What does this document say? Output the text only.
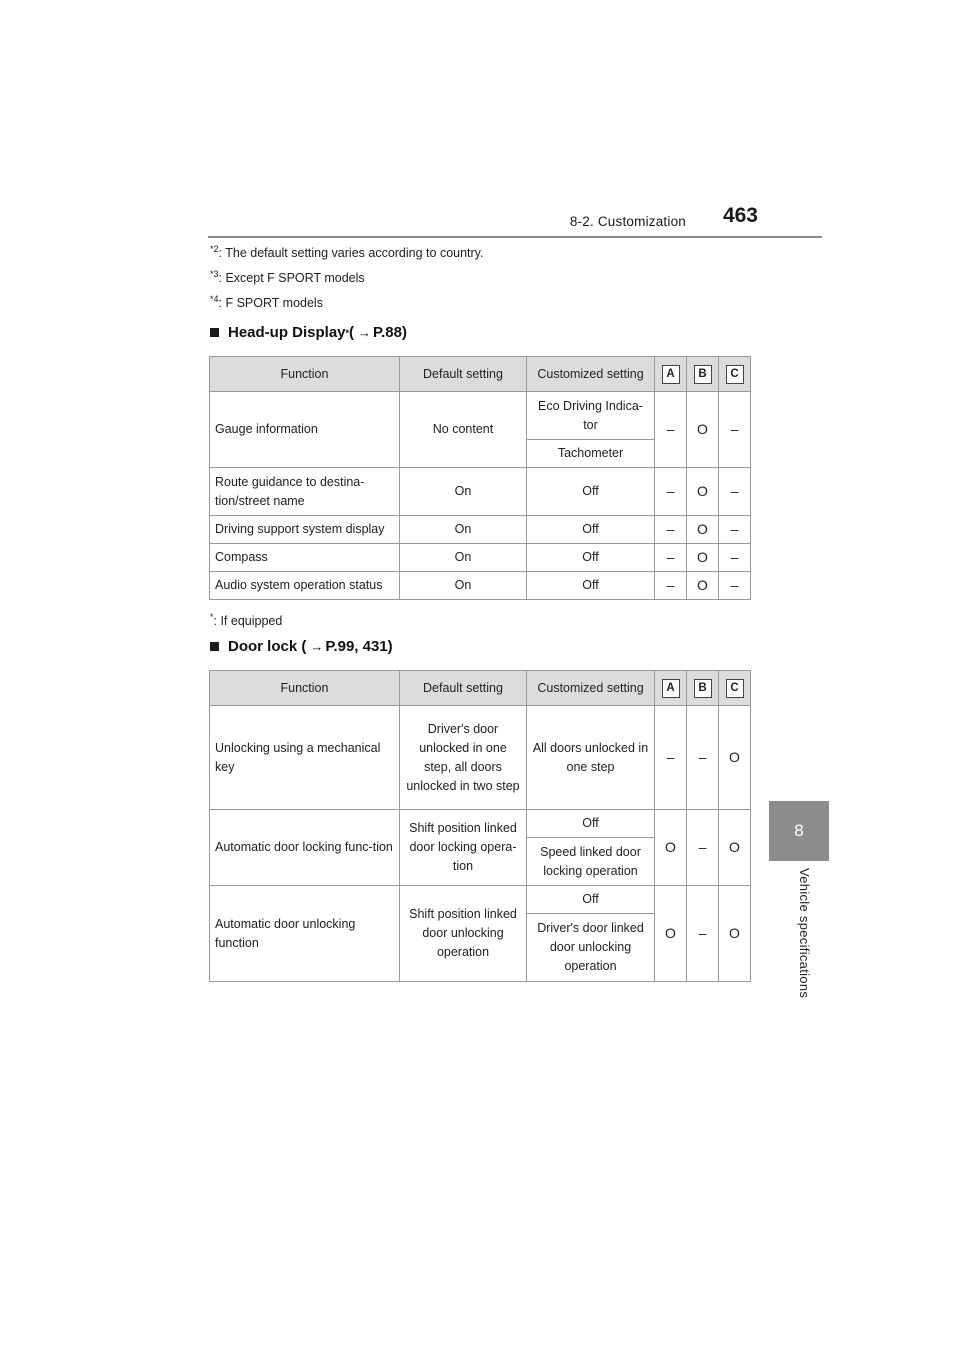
8-2. Customization 463
8
Vehicle specifications
$^{*2}$: The default setting varies according to country.
$^{*3}$: Except F SPORT models
$^{*4}$: F SPORT models
Head-up Display * ( → P.88 )
Function	Default setting	Customized setting	A	B	C
Gauge information	No content	Eco Driving Indica-tor	–	O	–
		Tachometer			
Route guidance to destina-tion/street name	On	Off	–	O	–
Driving support system display	On	Off	–	O	–
Compass	On	Off	–	O	–
Audio system operation status	On	Off	–	O	–
*: If equipped
Door lock ( → P.99, 431 )
Function	Default setting	Customized setting	A	B	C
Unlocking using a mechanical key	Driver's door unlocked in one step, all doors unlocked in two step	All doors unlocked in one step	–	–	O
Automatic door locking func-tion	Shift position linked door locking opera-tion	Off	O	–	O
		Speed linked door locking operation			
Automatic door unlocking function	Shift position linked door unlocking operation	Off	O	–	O
		Driver's door linked door unlocking operation			
